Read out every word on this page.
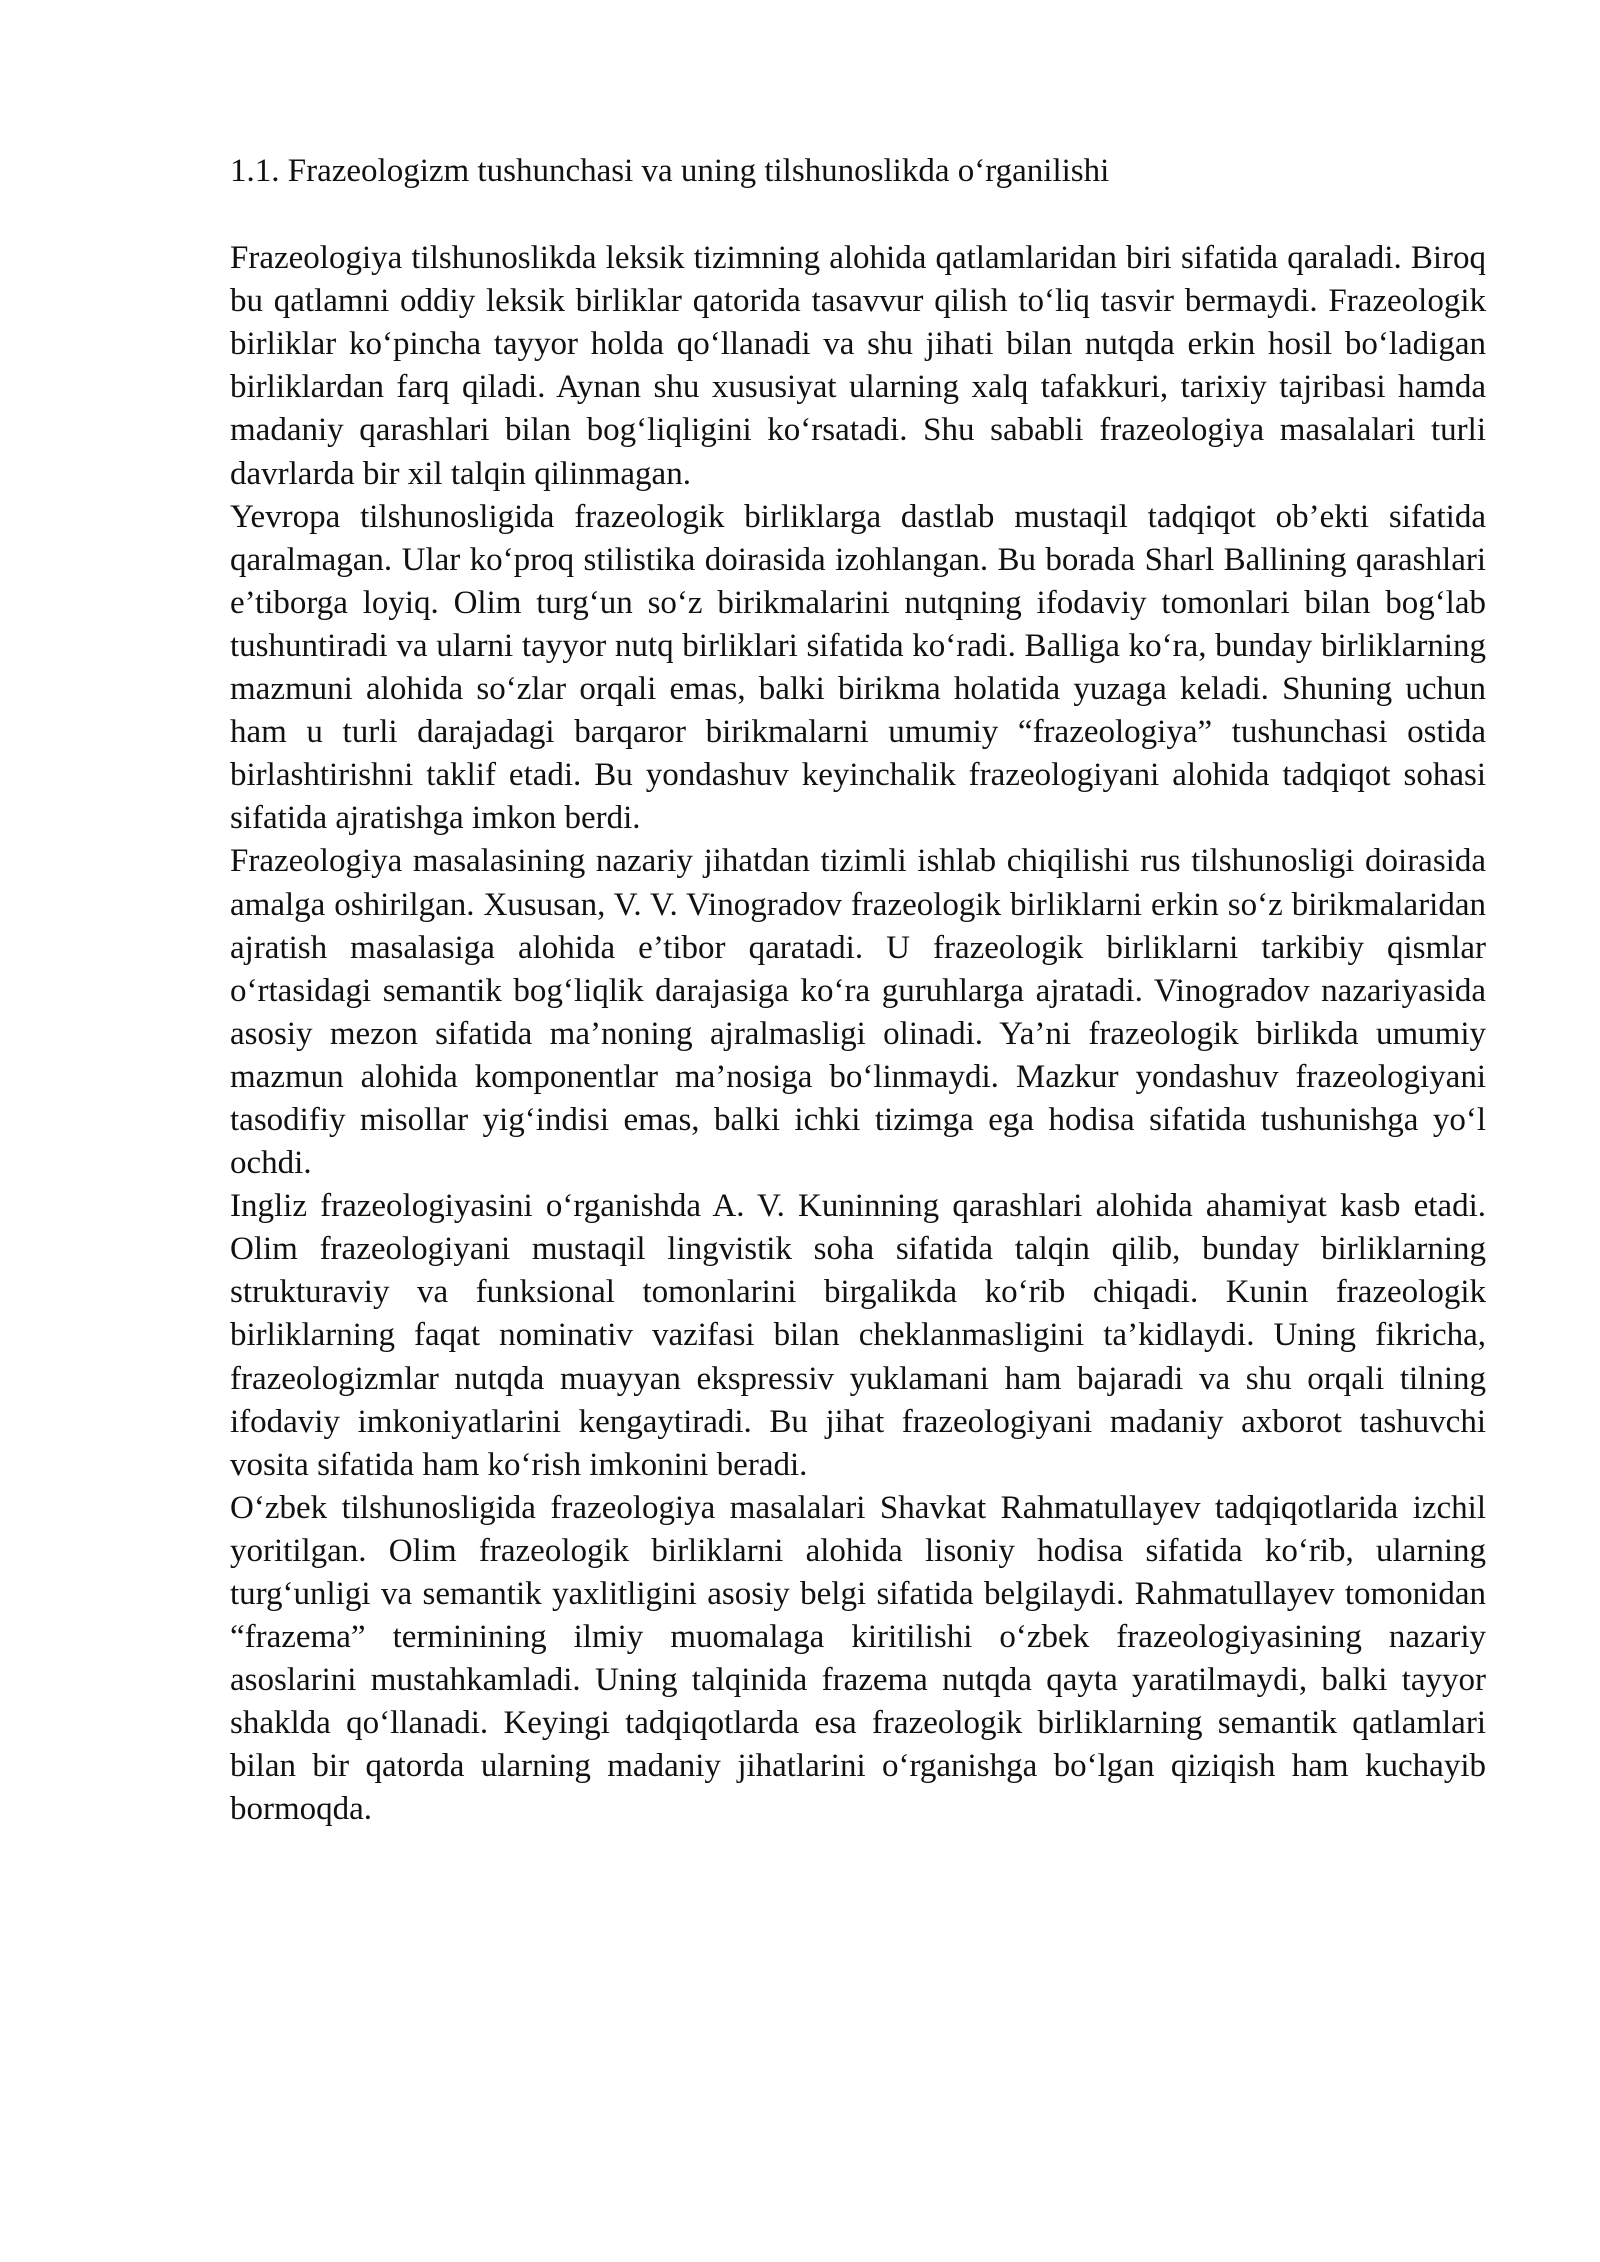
1.1. Frazeologizm tushunchasi va uning tilshunoslikda o‘rganilishi

Frazeologiya tilshunoslikda leksik tizimning alohida qatlamlaridan biri sifatida qaraladi. Biroq bu qatlamni oddiy leksik birliklar qatorida tasavvur qilish to‘liq tasvir bermaydi. Frazeologik birliklar ko‘pincha tayyor holda qo‘llanadi va shu jihati bilan nutqda erkin hosil bo‘ladigan birliklardan farq qiladi. Aynan shu xususiyat ularning xalq tafakkuri, tarixiy tajribasi hamda madaniy qarashlari bilan bog‘liqligini ko‘rsatadi. Shu sababli frazeologiya masalalari turli davrlarda bir xil talqin qilinmagan.

Yevropa tilshunosligida frazeologik birliklarga dastlab mustaqil tadqiqot ob’ekti sifatida qaralmagan. Ular ko‘proq stilistika doirasida izohlangan. Bu borada Sharl Ballining qarashlari e’tiborga loyiq. Olim turg‘un so‘z birikmalarini nutqning ifodaviy tomonlari bilan bog‘lab tushuntiradi va ularni tayyor nutq birliklari sifatida ko‘radi. Balliga ko‘ra, bunday birliklarning mazmuni alohida so‘zlar orqali emas, balki birikma holatida yuzaga keladi. Shuning uchun ham u turli darajadagi barqaror birikmalarni umumiy “frazeologiya” tushunchasi ostida birlashtirishni taklif etadi. Bu yondashuv keyinchalik frazeologiyani alohida tadqiqot sohasi sifatida ajratishga imkon berdi.

Frazeologiya masalasining nazariy jihatdan tizimli ishlab chiqilishi rus tilshunosligi doirasida amalga oshirilgan. Xususan, V. V. Vinogradov frazeologik birliklarni erkin so‘z birikmalaridan ajratish masalasiga alohida e’tibor qaratadi. U frazeologik birliklarni tarkibiy qismlar o‘rtasidagi semantik bog‘liqlik darajasiga ko‘ra guruhlarga ajratadi. Vinogradov nazariyasida asosiy mezon sifatida ma’noning ajralmasligi olinadi. Ya’ni frazeologik birlikda umumiy mazmun alohida komponentlar ma’nosiga bo‘linmaydi. Mazkur yondashuv frazeologiyani tasodifiy misollar yig‘indisi emas, balki ichki tizimga ega hodisa sifatida tushunishga yo‘l ochdi.

Ingliz frazeologiyasini o‘rganishda A. V. Kuninning qarashlari alohida ahamiyat kasb etadi. Olim frazeologiyani mustaqil lingvistik soha sifatida talqin qilib, bunday birliklarning strukturaviy va funksional tomonlarini birgalikda ko‘rib chiqadi. Kunin frazeologik birliklarning faqat nominativ vazifasi bilan cheklanmasligini ta’kidlaydi. Uning fikricha, frazeologizmlar nutqda muayyan ekspressiv yuklamani ham bajaradi va shu orqali tilning ifodaviy imkoniyatlarini kengaytiradi. Bu jihat frazeologiyani madaniy axborot tashuvchi vosita sifatida ham ko‘rish imkonini beradi.

O‘zbek tilshunosligida frazeologiya masalalari Shavkat Rahmatullayev tadqiqotlarida izchil yoritilgan. Olim frazeologik birliklarni alohida lisoniy hodisa sifatida ko‘rib, ularning turg‘unligi va semantik yaxlitligini asosiy belgi sifatida belgilaydi. Rahmatullayev tomonidan “frazema” terminining ilmiy muomalaga kiritilishi o‘zbek frazeologiyasining nazariy asoslarini mustahkamladi. Uning talqinida frazema nutqda qayta yaratilmaydi, balki tayyor shaklda qo‘llanadi. Keyingi tadqiqotlarda esa frazeologik birliklarning semantik qatlamlari bilan bir qatorda ularning madaniy jihatlarini o‘rganishga bo‘lgan qiziqish ham kuchayib bormoqda.
